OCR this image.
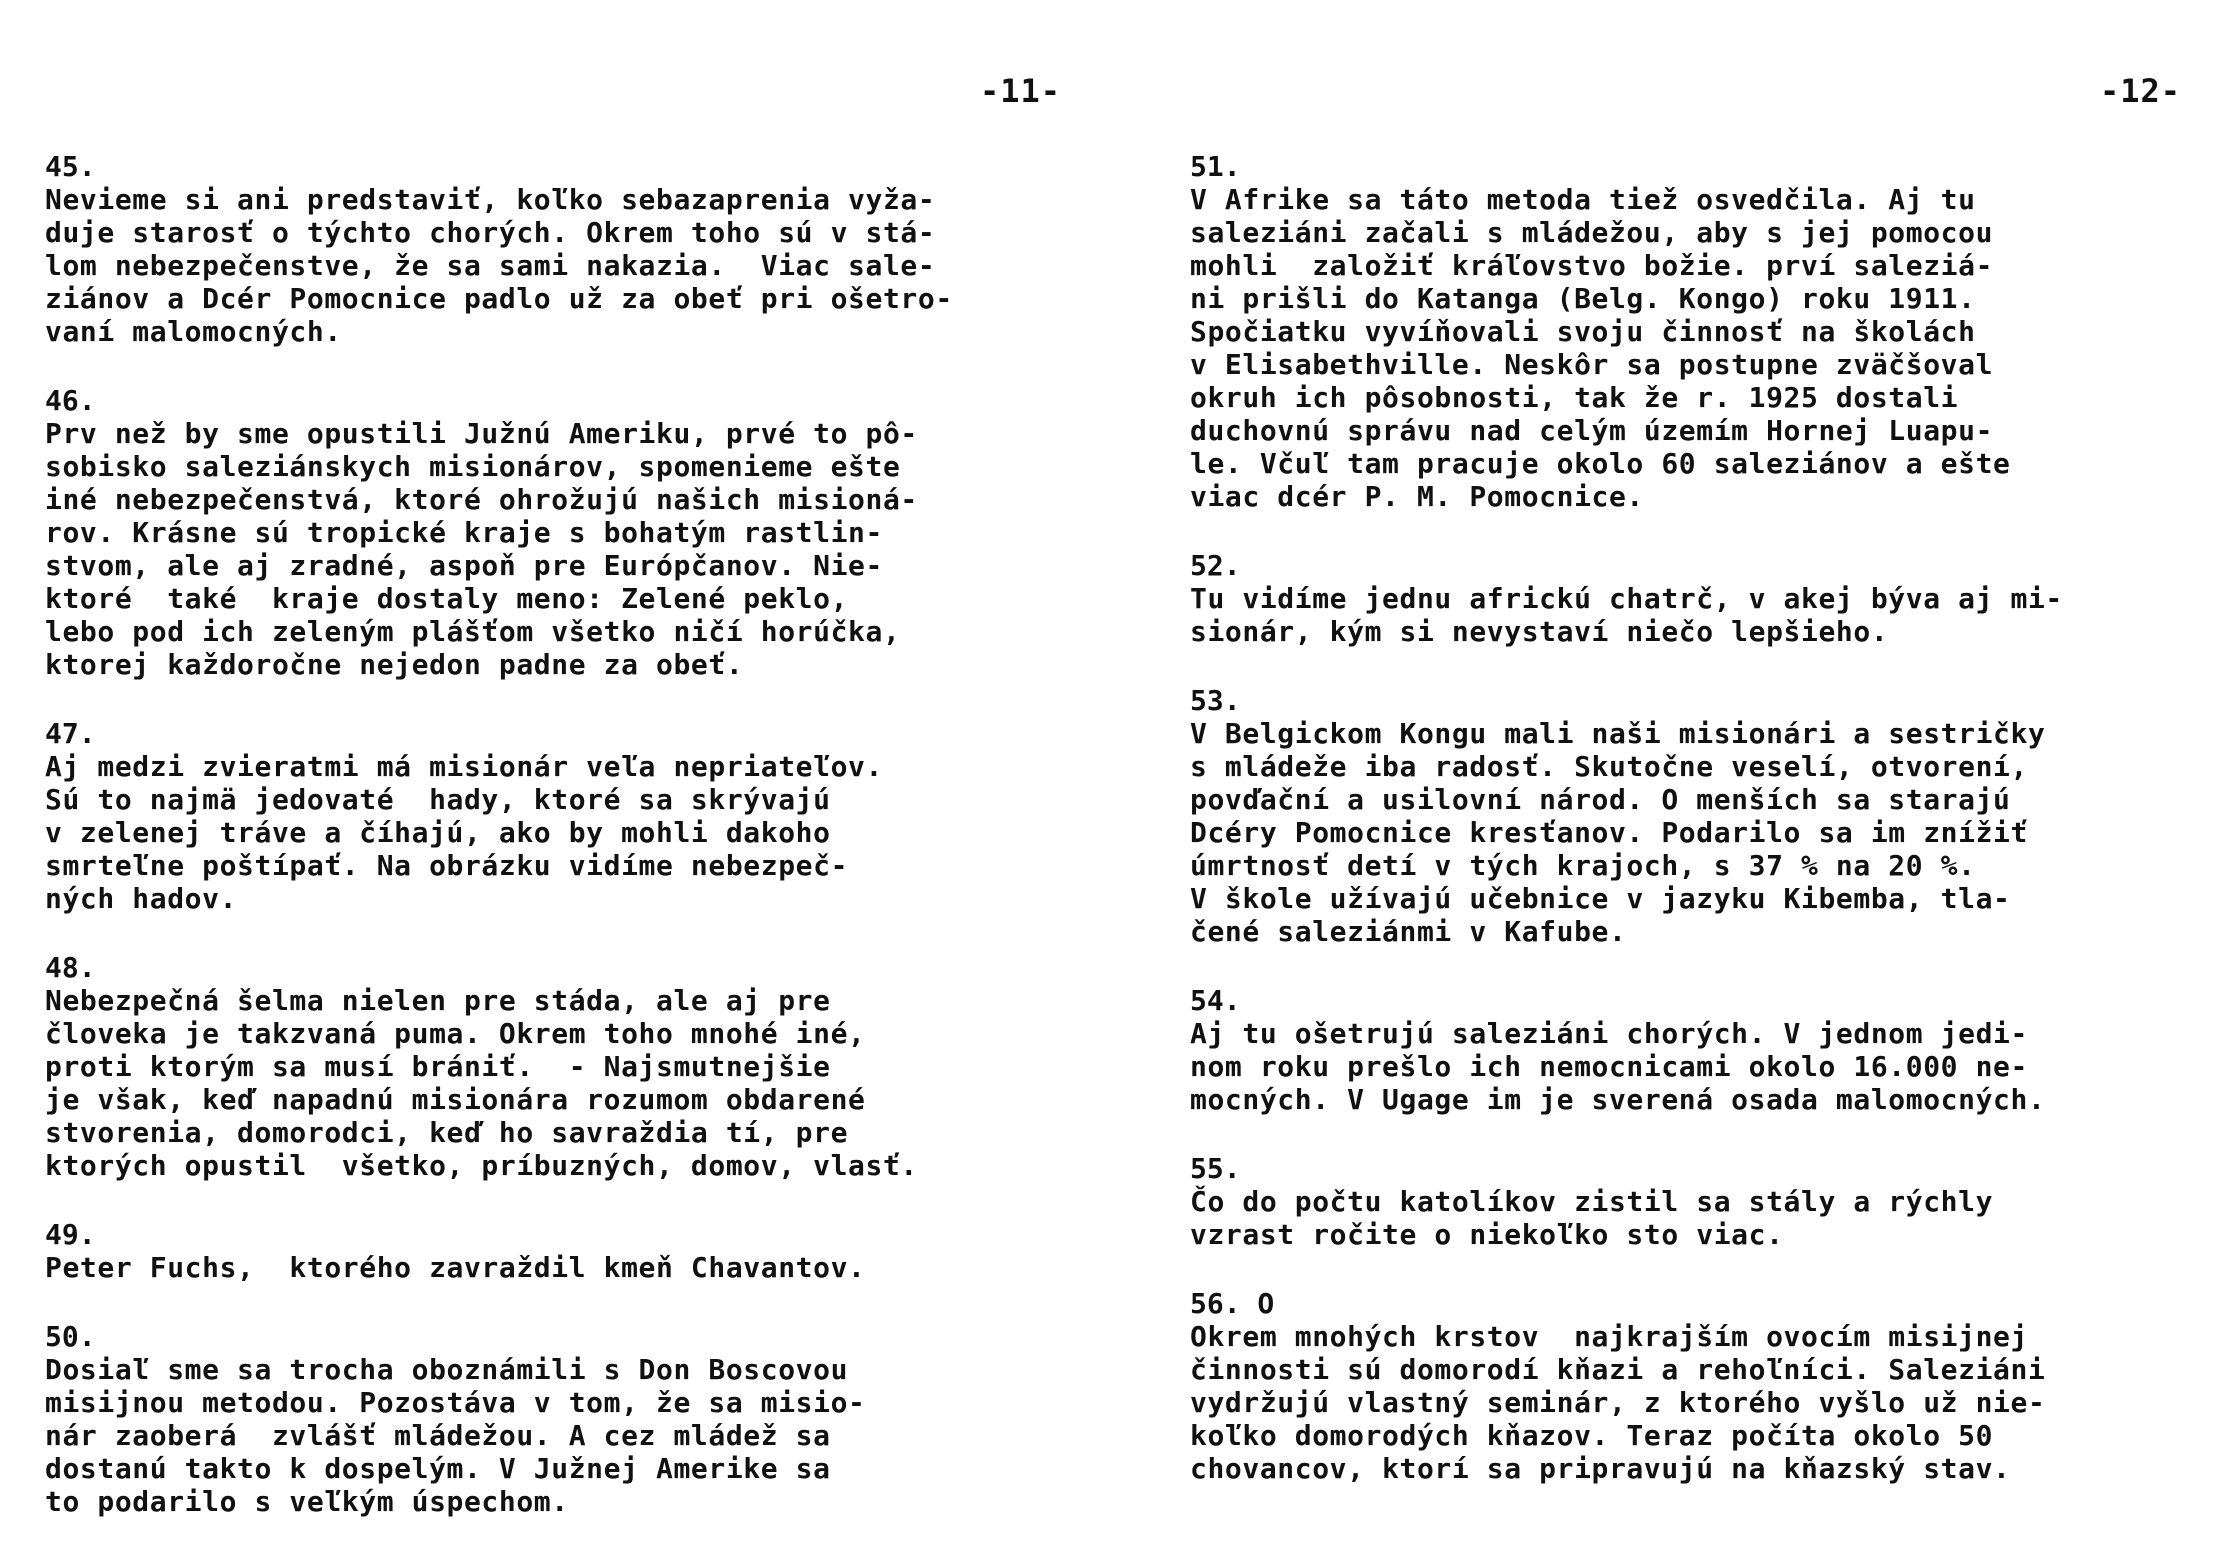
-11-
45.
Nevieme si ani predstaviť, koľko sebazaprenia vyža-
duje starosť o týchto chorých. Okrem toho sú v stá-
lom nebezpečenstve, že sa sami nakazia.  Viac sale-
ziánov a Dcér Pomocnice padlo už za obeť pri ošetro-
vaní malomocných.
46.
Prv než by sme opustili Južnú Ameriku, prvé to pô-
sobisko saleziánskych misionárov, spomenieme ešte
iné nebezpečenstvá, ktoré ohrožujú našich misioná-
rov. Krásne sú tropické kraje s bohatým rastlin-
stvom, ale aj zradné, aspoň pre Európčanov. Nie-
ktoré  také  kraje dostaly meno: Zelené peklo,
lebo pod ich zeleným plášťom všetko ničí horúčka,
ktorej každoročne nejedon padne za obeť.
47.
Aj medzi zvieratmi má misionár veľa nepriateľov.
Sú to najmä jedovaté  hady, ktoré sa skrývajú
v zelenej tráve a číhajú, ako by mohli dakoho
smrteľne poštípať. Na obrázku vidíme nebezpeč-
ných hadov.
48.
Nebezpečná šelma nielen pre stáda, ale aj pre
človeka je takzvaná puma. Okrem toho mnohé iné,
proti ktorým sa musí brániť.  - Najsmutnejšie
je však, keď napadnú misionára rozumom obdarené
stvorenia, domorodci, keď ho savraždia tí, pre
ktorých opustil  všetko, príbuzných, domov, vlasť.
49.
Peter Fuchs,  ktorého zavraždil kmeň Chavantov.
50.
Dosiaľ sme sa trocha oboznámili s Don Boscovou
misijnou metodou. Pozostáva v tom, že sa misio-
nár zaoberá  zvlášť mládežou. A cez mládež sa
dostanú takto k dospelým. V Južnej Amerike sa
to podarilo s veľkým úspechom.
-12-
51.
V Afrike sa táto metoda tiež osvedčila. Aj tu
saleziáni začali s mládežou, aby s jej pomocou
mohli  založiť kráľovstvo božie. prví saleziá-
ni prišli do Katanga (Belg. Kongo) roku 1911.
Spočiatku vyvíňovali svoju činnosť na školách
v Elisabethville. Neskôr sa postupne zväčšoval
okruh ich pôsobnosti, tak že r. 1925 dostali
duchovnú správu nad celým územím Hornej Luapu-
le. Včuľ tam pracuje okolo 60 saleziánov a ešte
viac dcér P. M. Pomocnice.
52.
Tu vidíme jednu africkú chatrč, v akej býva aj mi-
sionár, kým si nevystaví niečo lepšieho.
53.
V Belgickom Kongu mali naši misionári a sestričky
s mládeže iba radosť. Skutočne veselí, otvorení,
povďační a usilovní národ. O menších sa starajú
Dcéry Pomocnice kresťanov. Podarilo sa im znížiť
úmrtnosť detí v tých krajoch, s 37 % na 20 %.
V škole užívajú učebnice v jazyku Kibemba, tla-
čené saleziánmi v Kafube.
54.
Aj tu ošetrujú saleziáni chorých. V jednom jedi-
nom roku prešlo ich nemocnicami okolo 16.000 ne-
mocných. V Ugage im je sverená osada malomocných.
55.
Čo do počtu katolíkov zistil sa stály a rýchly
vzrast ročite o niekoľko sto viac.
56. O
Okrem mnohých krstov  najkrajším ovocím misijnej
činnosti sú domorodí kňazi a rehoľníci. Saleziáni
vydržujú vlastný seminár, z ktorého vyšlo už nie-
koľko domorodých kňazov. Teraz počíta okolo 50
chovancov, ktorí sa pripravujú na kňazský stav.
